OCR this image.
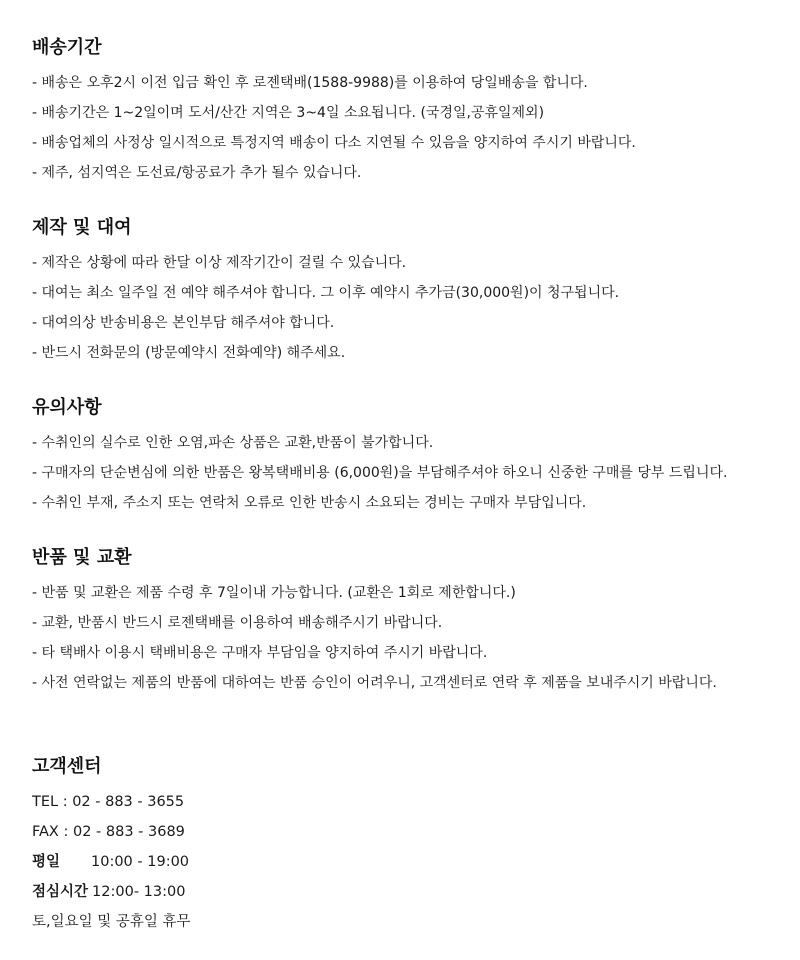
배송기간
- 배송은 오후2시 이전 입금 확인 후 로젠택배(1588-9988)를 이용하여 당일배송을 합니다.
- 배송기간은 1~2일이며 도서/산간 지역은 3~4일 소요됩니다. (국경일,공휴일제외)
- 배송업체의 사정상 일시적으로 특정지역 배송이 다소 지연될 수 있음을 양지하여 주시기 바랍니다.
- 제주, 섬지역은 도선료/항공료가 추가 될수 있습니다.
제작 및 대여
- 제작은 상황에 따라 한달 이상 제작기간이 걸릴 수 있습니다.
- 대여는 최소 일주일 전 예약 해주셔야 합니다. 그 이후 예약시 추가금(30,000원)이 청구됩니다.
- 대여의상 반송비용은 본인부담 해주셔야 합니다.
- 반드시 전화문의 (방문예약시 전화예약) 해주세요.
유의사항
- 수취인의 실수로 인한 오염,파손 상품은 교환,반품이 불가합니다.
- 구매자의 단순변심에 의한 반품은 왕복택배비용 (6,000원)을 부담해주셔야 하오니 신중한 구매를 당부 드립니다.
- 수취인 부재, 주소지 또는 연락처 오류로 인한 반송시 소요되는 경비는 구매자 부담입니다.
반품 및 교환
- 반품 및 교환은 제품 수령 후 7일이내 가능합니다. (교환은 1회로 제한합니다.)
- 교환, 반품시 반드시 로젠택배를 이용하여 배송해주시기 바랍니다.
- 타 택배사 이용시 택배비용은 구매자 부담임을 양지하여 주시기 바랍니다.
- 사전 연락없는 제품의 반품에 대하여는 반품 승인이 어려우니, 고객센터로 연락 후 제품을 보내주시기 바랍니다.
고객센터
TEL : 02 - 883 - 3655
FAX : 02 - 883 - 3689
평일 10:00 - 19:00
점심시간 12:00- 13:00
토,일요일 및 공휴일 휴무
